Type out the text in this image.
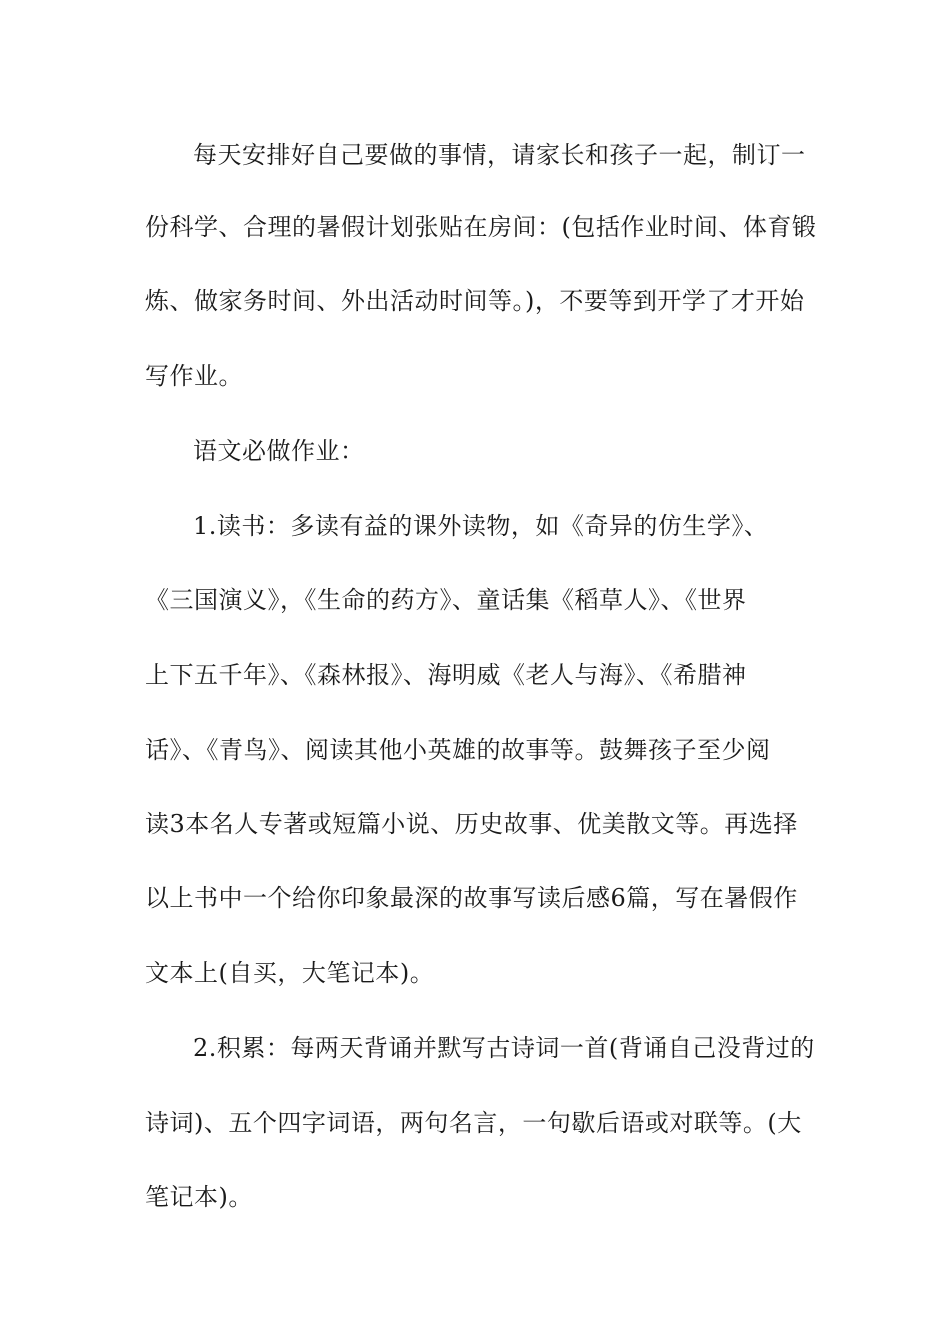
每天安排好自己要做的事情，请家长和孩子一起，制订一
份科学、合理的暑假计划张贴在房间：(包括作业时间、体育锻
炼、做家务时间、外出活动时间等。)，不要等到开学了才开始
写作业。
语文必做作业：
1.读书：多读有益的课外读物，如《奇异的仿生学》、
《三国演义》，《生命的药方》、童话集《稻草人》、《世界
上下五千年》、《森林报》、海明威《老人与海》、《希腊神
话》、《青鸟》、阅读其他小英雄的故事等。鼓舞孩子至少阅
读3本名人专著或短篇小说、历史故事、优美散文等。再选择
以上书中一个给你印象最深的故事写读后感6篇，写在暑假作
文本上(自买，大笔记本)。
2.积累：每两天背诵并默写古诗词一首(背诵自己没背过的
诗词)、五个四字词语，两句名言，一句歇后语或对联等。(大
笔记本)。
